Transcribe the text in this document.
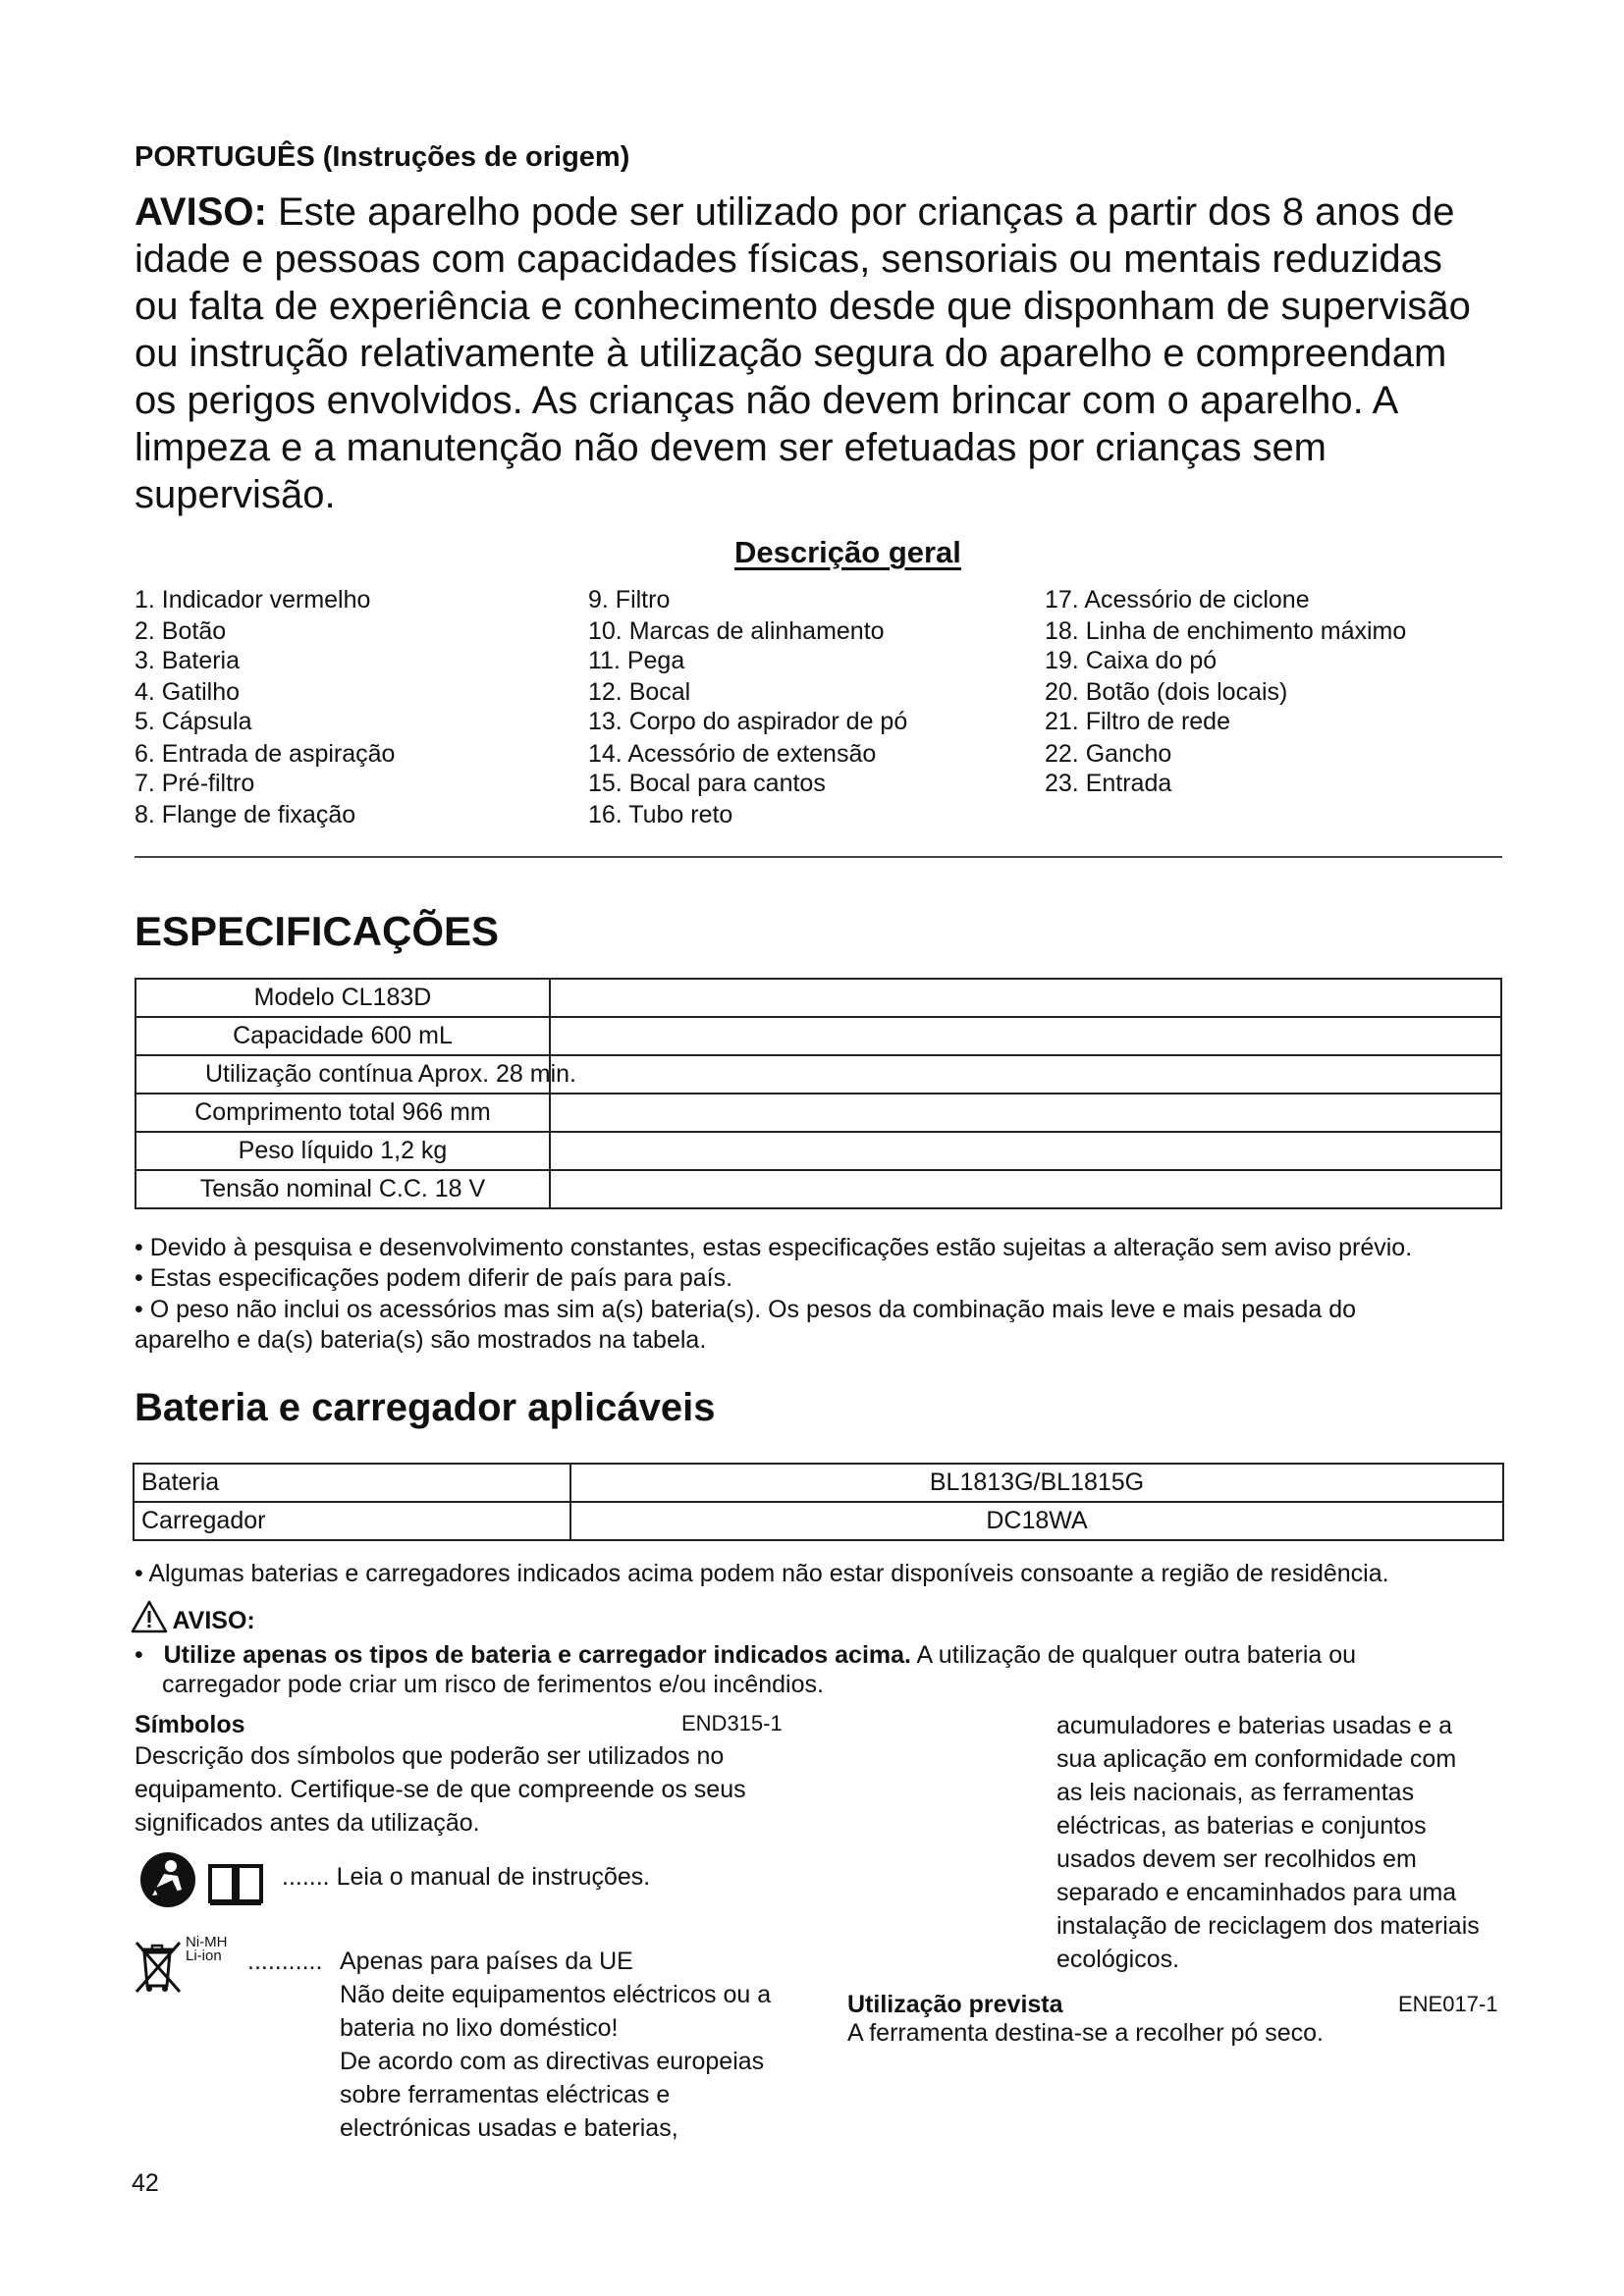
PORTUGUÊS (Instruções de origem)
AVISO: Este aparelho pode ser utilizado por crianças a partir dos 8 anos de
idade e pessoas com capacidades físicas, sensoriais ou mentais reduzidas
ou falta de experiência e conhecimento desde que disponham de supervisão
ou instrução relativamente à utilização segura do aparelho e compreendam
os perigos envolvidos. As crianças não devem brincar com o aparelho. A
limpeza e a manutenção não devem ser efetuadas por crianças sem
supervisão.
Descrição geral
1. Indicador vermelho
2. Botão
3. Bateria
4. Gatilho
5. Cápsula
6. Entrada de aspiração
7. Pré-filtro
8. Flange de fixação
9. Filtro
10. Marcas de alinhamento
11. Pega
12. Bocal
13. Corpo do aspirador de pó
14. Acessório de extensão
15. Bocal para cantos
16. Tubo reto
17. Acessório de ciclone
18. Linha de enchimento máximo
19. Caixa do pó
20. Botão (dois locais)
21. Filtro de rede
22. Gancho
23. Entrada
ESPECIFICAÇÕES
Modelo CL183D	
Capacidade 600 mL	
Utilização contínua Aprox. 28 min.	
Comprimento total 966 mm	
Peso líquido 1,2 kg	
Tensão nominal C.C. 18 V	
• Devido à pesquisa e desenvolvimento constantes, estas especificações estão sujeitas a alteração sem aviso prévio.
• Estas especificações podem diferir de país para país.
• O peso não inclui os acessórios mas sim a(s) bateria(s). Os pesos da combinação mais leve e mais pesada do
aparelho e da(s) bateria(s) são mostrados na tabela.
Bateria e carregador aplicáveis
Bateria	BL1813G/BL1815G
Carregador	DC18WA
• Algumas baterias e carregadores indicados acima podem não estar disponíveis consoante a região de residência.
AVISO:
•   Utilize apenas os tipos de bateria e carregador indicados acima. A utilização de qualquer outra bateria ou
carregador pode criar um risco de ferimentos e/ou incêndios.
Símbolos	END315-1
Descrição dos símbolos que poderão ser utilizados no
equipamento. Certifique-se de que compreende os seus
significados antes da utilização.

....... Leia o manual de instruções.
Ni-MH
Li-ion ........... Apenas para países da UE
Não deite equipamentos eléctricos ou a
bateria no lixo doméstico!
De acordo com as directivas europeias
sobre ferramentas eléctricas e
electrónicas usadas e baterias,
acumuladores e baterias usadas e a
sua aplicação em conformidade com
as leis nacionais, as ferramentas
eléctricas, as baterias e conjuntos
usados devem ser recolhidos em
separado e encaminhados para uma
instalação de reciclagem dos materiais
ecológicos.
Utilização prevista	ENE017-1
A ferramenta destina-se a recolher pó seco.
42
